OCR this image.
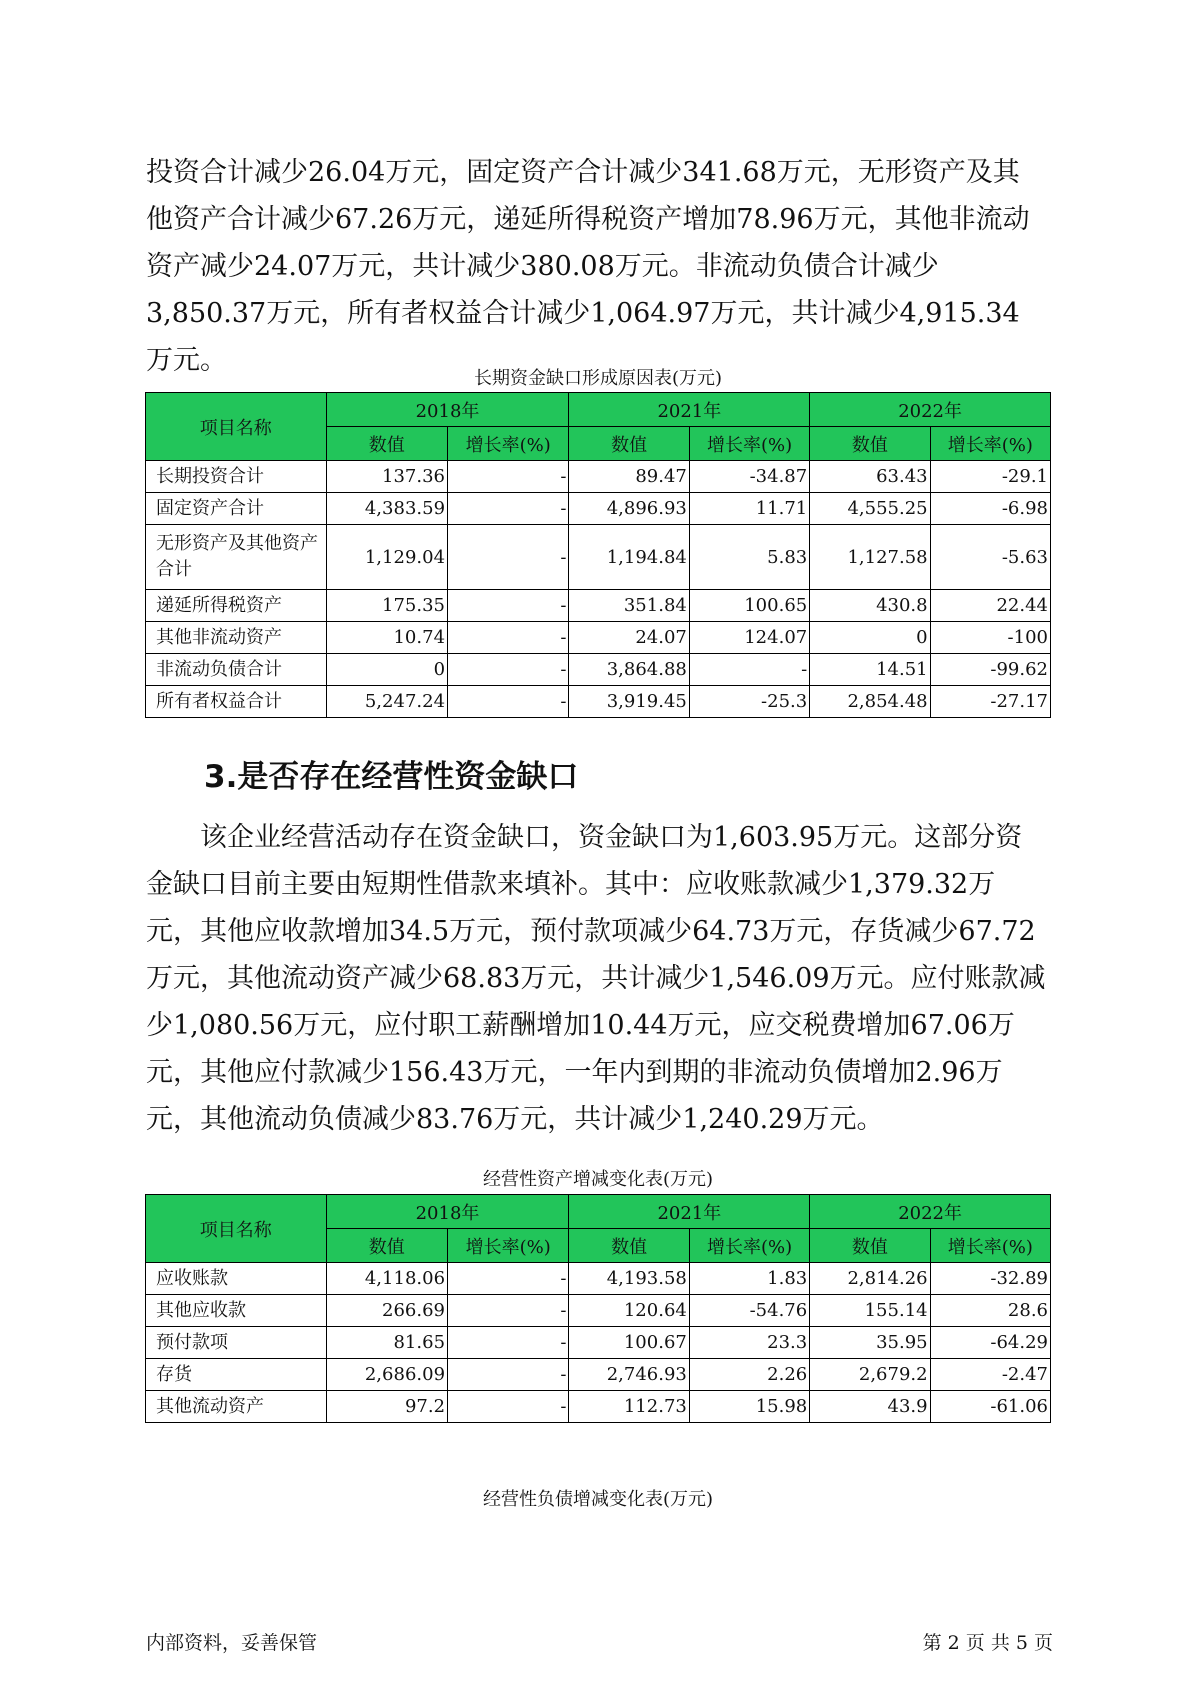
投资合计减少26.04万元，固定资产合计减少341.68万元，无形资产及其他资产合计减少67.26万元，递延所得税资产增加78.96万元，其他非流动资产减少24.07万元，共计减少380.08万元。非流动负债合计减少3,850.37万元，所有者权益合计减少1,064.97万元，共计减少4,915.34万元。

长期资金缺口形成原因表(万元)
项目名称	2018年		2021年		2022年	
	数值	增长率(%)	数值	增长率(%)	数值	增长率(%)
长期投资合计	137.36	-	89.47	-34.87	63.43	-29.1
固定资产合计	4,383.59	-	4,896.93	11.71	4,555.25	-6.98
无形资产及其他资产合计	1,129.04	-	1,194.84	5.83	1,127.58	-5.63
递延所得税资产	175.35	-	351.84	100.65	430.8	22.44
其他非流动资产	10.74	-	24.07	124.07	0	-100
非流动负债合计	0	-	3,864.88	-	14.51	-99.62
所有者权益合计	5,247.24	-	3,919.45	-25.3	2,854.48	-27.17
3.是否存在经营性资金缺口

该企业经营活动存在资金缺口，资金缺口为1,603.95万元。这部分资金缺口目前主要由短期性借款来填补。其中：应收账款减少1,379.32万元，其他应收款增加34.5万元，预付款项减少64.73万元，存货减少67.72万元，其他流动资产减少68.83万元，共计减少1,546.09万元。应付账款减少1,080.56万元，应付职工薪酬增加10.44万元，应交税费增加67.06万元，其他应付款减少156.43万元，一年内到期的非流动负债增加2.96万元，其他流动负债减少83.76万元，共计减少1,240.29万元。

经营性资产增减变化表(万元)
项目名称	2018年		2021年		2022年	
	数值	增长率(%)	数值	增长率(%)	数值	增长率(%)
应收账款	4,118.06	-	4,193.58	1.83	2,814.26	-32.89
其他应收款	266.69	-	120.64	-54.76	155.14	28.6
预付款项	81.65	-	100.67	23.3	35.95	-64.29
存货	2,686.09	-	2,746.93	2.26	2,679.2	-2.47
其他流动资产	97.2	-	112.73	15.98	43.9	-61.06
经营性负债增减变化表(万元)
内部资料，妥善保管	第 2 页 共 5 页
